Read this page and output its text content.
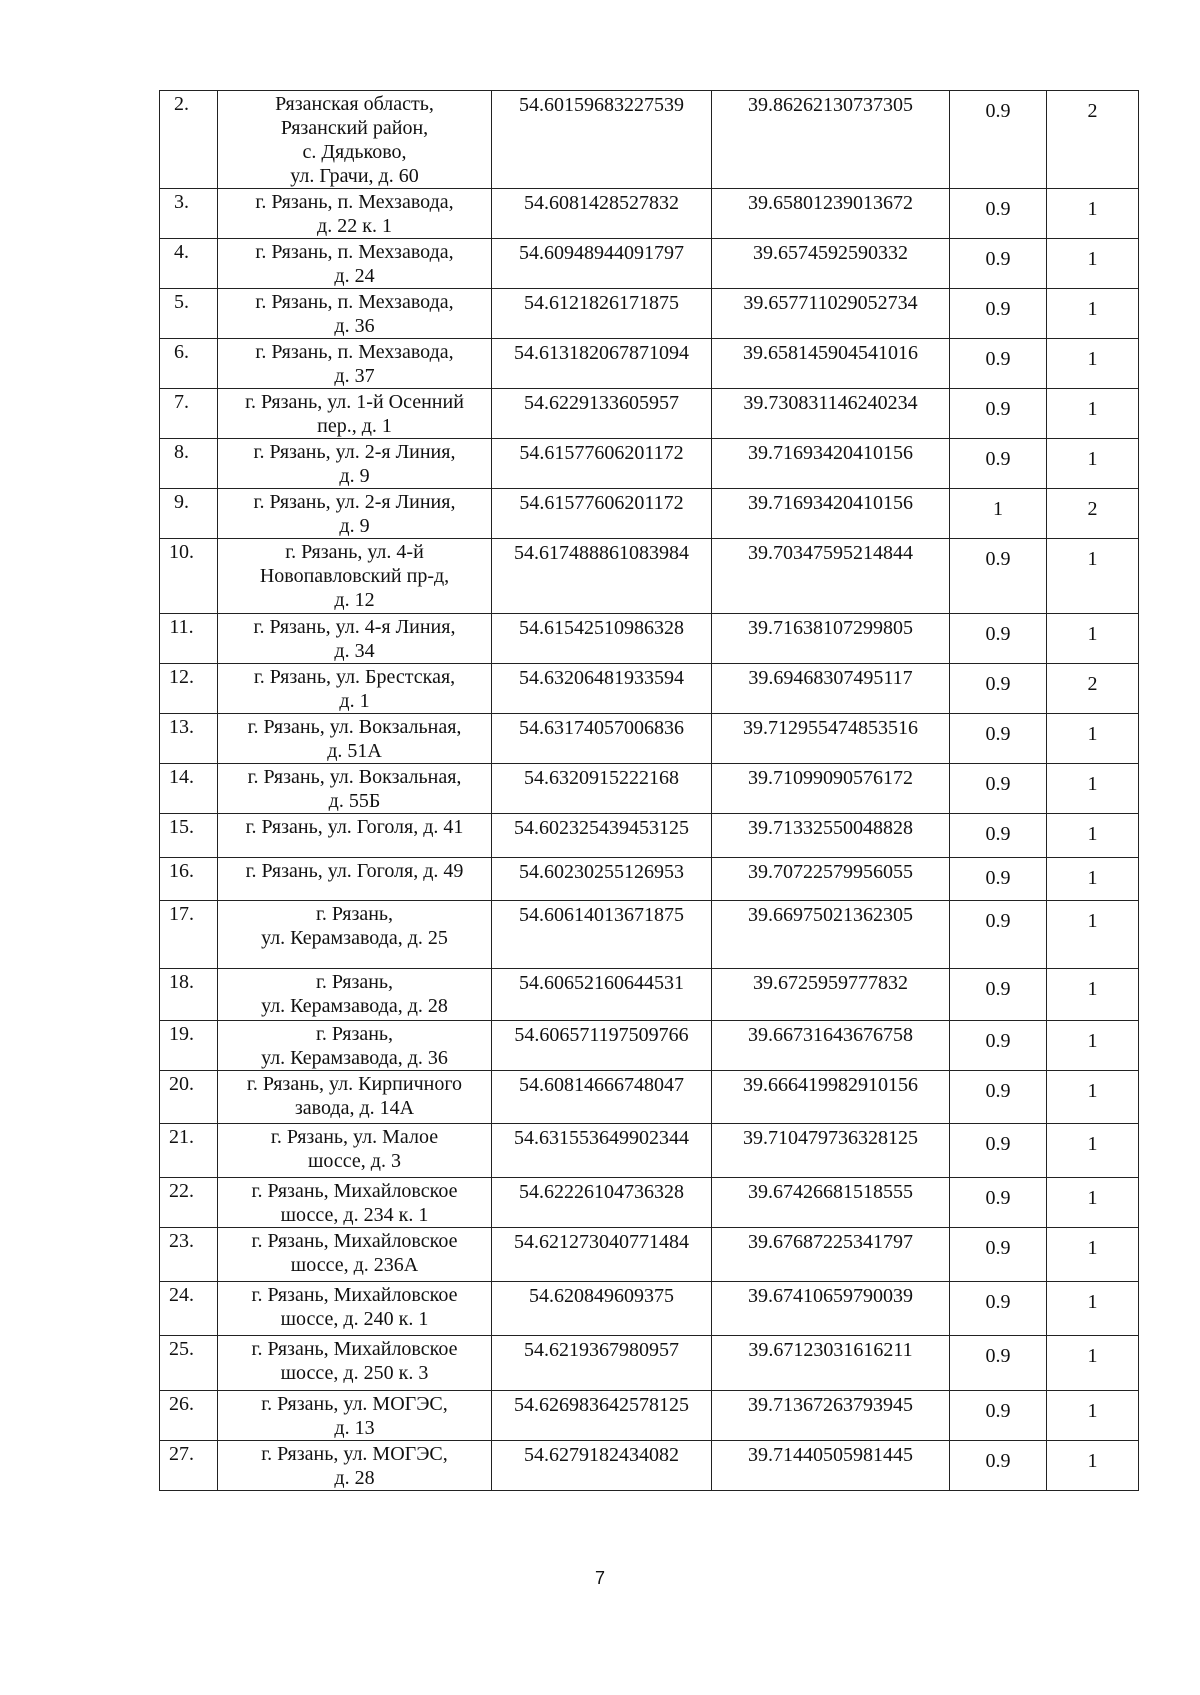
2.	Рязанская область,
Рязанский район,
с. Дядьково,
ул. Грачи, д. 60	54.60159683227539	39.86262130737305	0.9	2
3.	г. Рязань, п. Мехзавода,
д. 22 к. 1	54.6081428527832	39.65801239013672	0.9	1
4.	г. Рязань, п. Мехзавода,
д. 24	54.60948944091797	39.6574592590332	0.9	1
5.	г. Рязань, п. Мехзавода,
д. 36	54.6121826171875	39.657711029052734	0.9	1
6.	г. Рязань, п. Мехзавода,
д. 37	54.613182067871094	39.658145904541016	0.9	1
7.	г. Рязань, ул. 1-й Осенний
пер., д. 1	54.6229133605957	39.730831146240234	0.9	1
8.	г. Рязань, ул. 2-я Линия,
д. 9	54.61577606201172	39.71693420410156	0.9	1
9.	г. Рязань, ул. 2-я Линия,
д. 9	54.61577606201172	39.71693420410156	1	2
10.	г. Рязань, ул. 4-й
Новопавловский пр-д,
д. 12	54.617488861083984	39.70347595214844	0.9	1
11.	г. Рязань, ул. 4-я Линия,
д. 34	54.61542510986328	39.71638107299805	0.9	1
12.	г. Рязань, ул. Брестская,
д. 1	54.63206481933594	39.69468307495117	0.9	2
13.	г. Рязань, ул. Вокзальная,
д. 51А	54.63174057006836	39.712955474853516	0.9	1
14.	г. Рязань, ул. Вокзальная,
д. 55Б	54.6320915222168	39.71099090576172	0.9	1
15.	г. Рязань, ул. Гоголя, д. 41	54.602325439453125	39.71332550048828	0.9	1
16.	г. Рязань, ул. Гоголя, д. 49	54.60230255126953	39.70722579956055	0.9	1
17.	г. Рязань,
ул. Керамзавода, д. 25	54.60614013671875	39.66975021362305	0.9	1
18.	г. Рязань,
ул. Керамзавода, д. 28	54.60652160644531	39.6725959777832	0.9	1
19.	г. Рязань,
ул. Керамзавода, д. 36	54.606571197509766	39.66731643676758	0.9	1
20.	г. Рязань, ул. Кирпичного
завода, д. 14А	54.60814666748047	39.666419982910156	0.9	1
21.	г. Рязань, ул. Малое
шоссе, д. 3	54.631553649902344	39.710479736328125	0.9	1
22.	г. Рязань, Михайловское
шоссе, д. 234 к. 1	54.62226104736328	39.67426681518555	0.9	1
23.	г. Рязань, Михайловское
шоссе, д. 236А	54.621273040771484	39.67687225341797	0.9	1
24.	г. Рязань, Михайловское
шоссе, д. 240 к. 1	54.620849609375	39.67410659790039	0.9	1
25.	г. Рязань, Михайловское
шоссе, д. 250 к. 3	54.6219367980957	39.67123031616211	0.9	1
26.	г. Рязань, ул. МОГЭС,
д. 13	54.626983642578125	39.71367263793945	0.9	1
27.	г. Рязань, ул. МОГЭС,
д. 28	54.6279182434082	39.71440505981445	0.9	1
7
